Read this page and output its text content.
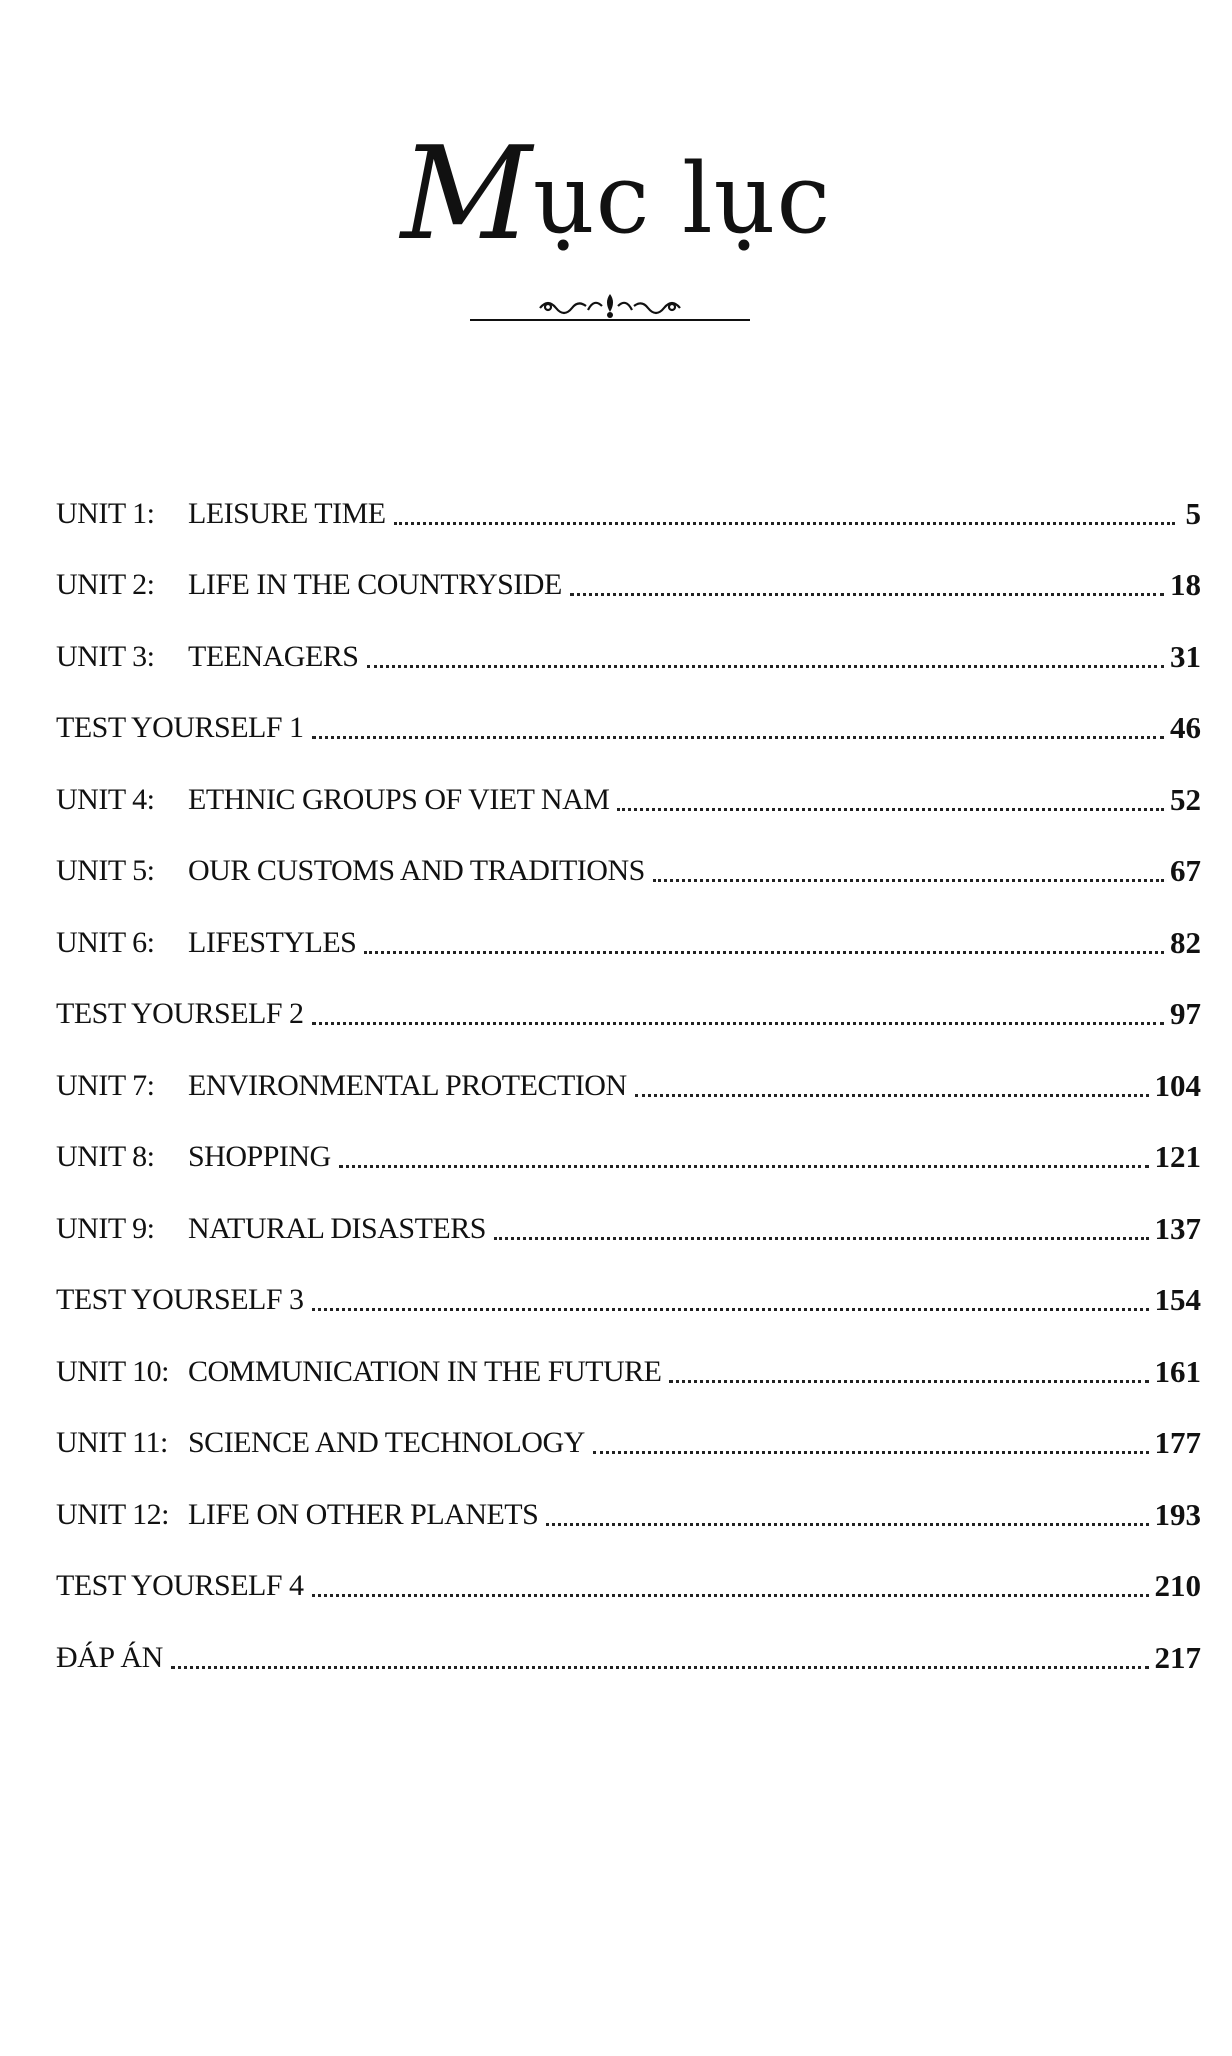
Mục lục
UNIT 1:	LEISURE TIME	5
UNIT 2:	LIFE IN THE COUNTRYSIDE	18
UNIT 3:	TEENAGERS	31
TEST YOURSELF 1	46
UNIT 4:	ETHNIC GROUPS OF VIET NAM	52
UNIT 5:	OUR CUSTOMS AND TRADITIONS	67
UNIT 6:	LIFESTYLES	82
TEST YOURSELF 2	97
UNIT 7:	ENVIRONMENTAL PROTECTION	104
UNIT 8:	SHOPPING	121
UNIT 9:	NATURAL DISASTERS	137
TEST YOURSELF 3	154
UNIT 10: COMMUNICATION IN THE FUTURE	161
UNIT 11: SCIENCE AND TECHNOLOGY	177
UNIT 12: LIFE ON OTHER PLANETS	193
TEST YOURSELF 4	210
ĐÁP ÁN	217
